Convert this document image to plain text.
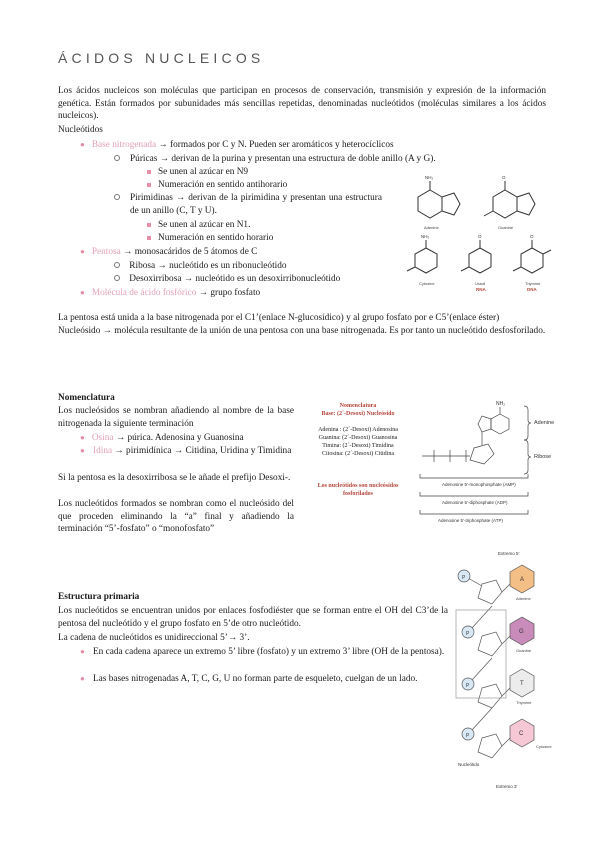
ÁCIDOS NUCLEICOS
Los ácidos nucleicos son moléculas que participan en procesos de conservación, transmisión y expresión de la información genética. Están formados por subunidades más sencillas repetidas, denominadas nucleótidos (moléculas similares a los ácidos nucleicos).
Nucleótidos
● Base nitrogenada → formados por C y N. Pueden ser aromáticos y heterocíclicos
Púricas → derivan de la purina y presentan una estructura de doble anillo (A y G).
Se unen al azúcar en N9
Numeración en sentido antihorario
Pirimidinas → derivan de la pirimidina y presentan una estructura de un anillo (C, T y U).
Se unen al azúcar en N1.
Numeración en sentido horario
● Pentosa → monosacáridos de 5 átomos de C
Ribosa → nucleótido es un ribonucleótido
Desoxirribosa → nucleótido es un desoxirribonucleótido
● Molécula de ácido fosfórico → grupo fosfato
NH₂	O
NH₂	O	O
Adenine	Guanine
Cytosine	Uracil
RNA
Thymine
DNA
La pentosa está unida a la base nitrogenada por el C1’(enlace N-glucosídico) y al grupo fosfato por e C5’(enlace éster)
Nucleósido → molécula resultante de la unión de una pentosa con una base nitrogenada. Es por tanto un nucleótido desfosforilado.
Nomenclatura
Los nucleósidos se nombran añadiendo al nombre de la base nitrogenada la siguiente terminación
● Osina → púrica. Adenosina y Guanosina
● Idina → pirimidínica → Citidina, Uridina y Timidina
Si la pentosa es la desoxirribosa se le añade el prefijo Desoxi-.
Los nucleótidos formados se nombran como el nucleósido del que proceden eliminando la “a” final y añadiendo la terminación “5’-fosfato” o “monofosfato”
Nomenclatura
Base: (2´-Desoxi) Nucleósido
Adenina : (2´-Desoxi) Adenosina
Guanina: (2´-Desoxi) Guanosina
Timina: (2´-Desoxi) Timidina
Citosina: (2´-Desoxi) Citidina
Los nucleótidos son nucleósidos
fosforilados
NH₂
Adenine
Ribose
Adenosine 5’-monophosphate (AMP)
Adenosine 5’-diphosphate (ADP)
Adenosine 5’-triphosphate (ATP)
Estructura primaria
Los nucleótidos se encuentran unidos por enlaces fosfodiéster que se forman entre el OH del C3’de la pentosa del nucleótido y el grupo fosfato en 5’de otro nucleótido.
La cadena de nucleótidos es unidireccional 5’→ 3’.
● En cada cadena aparece un extremo 5’ libre (fosfato) y un extremo 3’ libre (OH de la pentosa).
● Las bases nitrogenadas A, T, C, G, U no forman parte de esqueleto, cuelgan de un lado.
Extremo 5’
P
P
P
P
A
G
T
C
Adenine
Guanine
Thymine
Cytosine
Nucleótido
Extremo 3’
